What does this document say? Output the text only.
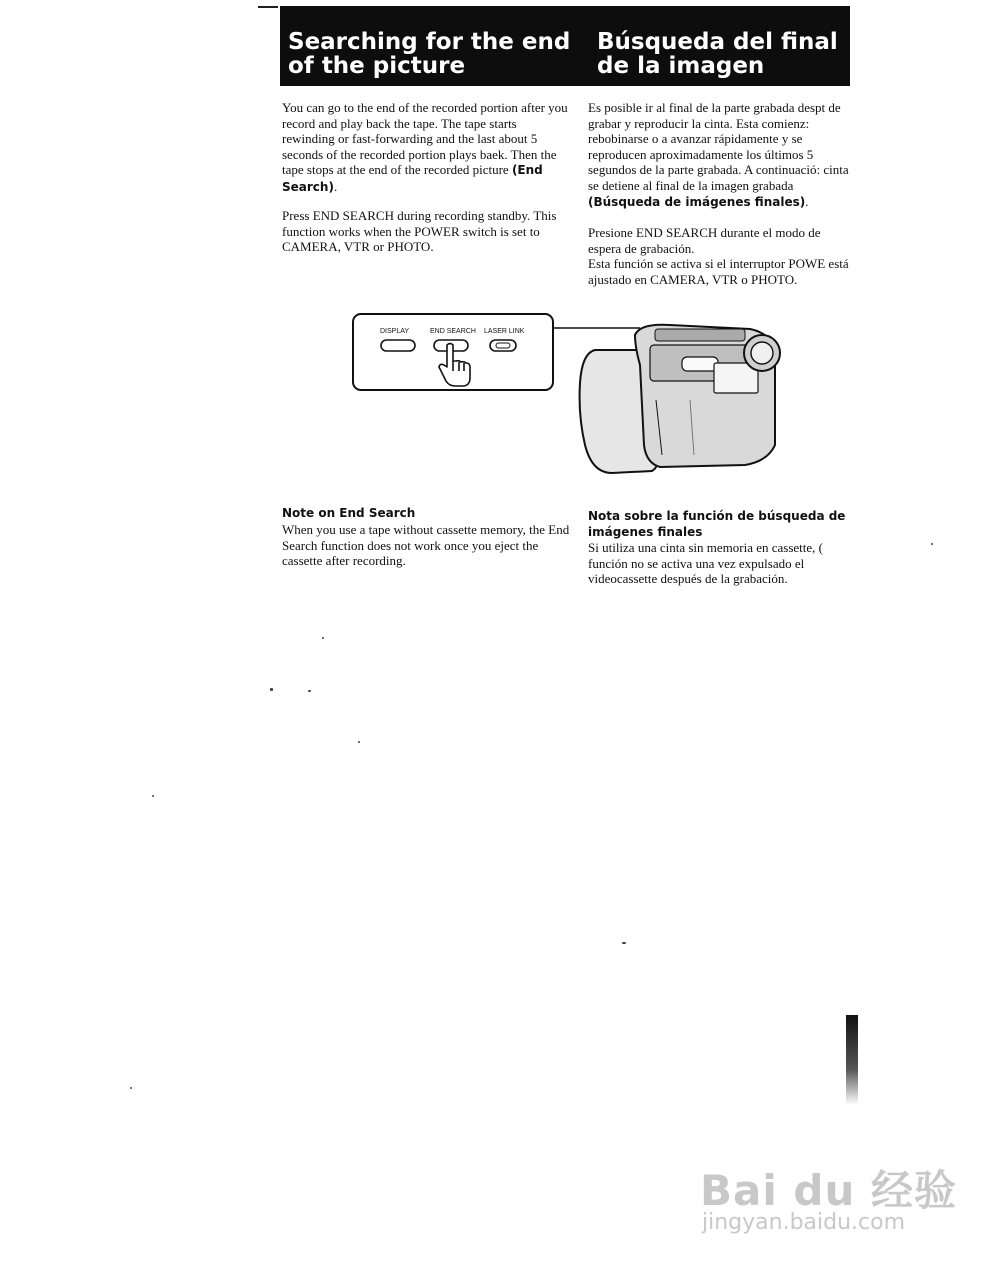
Searching for the end of the picture
Búsqueda del final de la imagen

You can go to the end of the recorded portion after you record and play back the tape. The tape starts rewinding or fast-forwarding and the last about 5 seconds of the recorded portion plays baek. Then the tape stops at the end of the recorded picture (End Search).

Press END SEARCH during recording standby. This function works when the POWER switch is set to CAMERA, VTR or PHOTO.

Es posible ir al final de la parte grabada despt de grabar y reproducir la cinta. Esta comienz: rebobinarse o a avanzar rápidamente y se reproducen aproximadamente los últimos 5 segundos de la parte grabada. A continuació: cinta se detiene al final de la imagen grabada (Búsqueda de imágenes finales).

Presione END SEARCH durante el modo de espera de grabación.
Esta función se activa si el interruptor POWE está ajustado en CAMERA, VTR o PHOTO.

DISPLAY	END SEARCH LASER LINK

Note on End Search

When you use a tape without cassette memory, the End Search function does not work once you eject the cassette after recording.

Nota sobre la función de búsqueda de imágenes finales

Si utiliza una cinta sin memoria en cassette, ( función no se activa una vez expulsado el videocassette después de la grabación.

Bai du 经验
jingyan.baidu.com
